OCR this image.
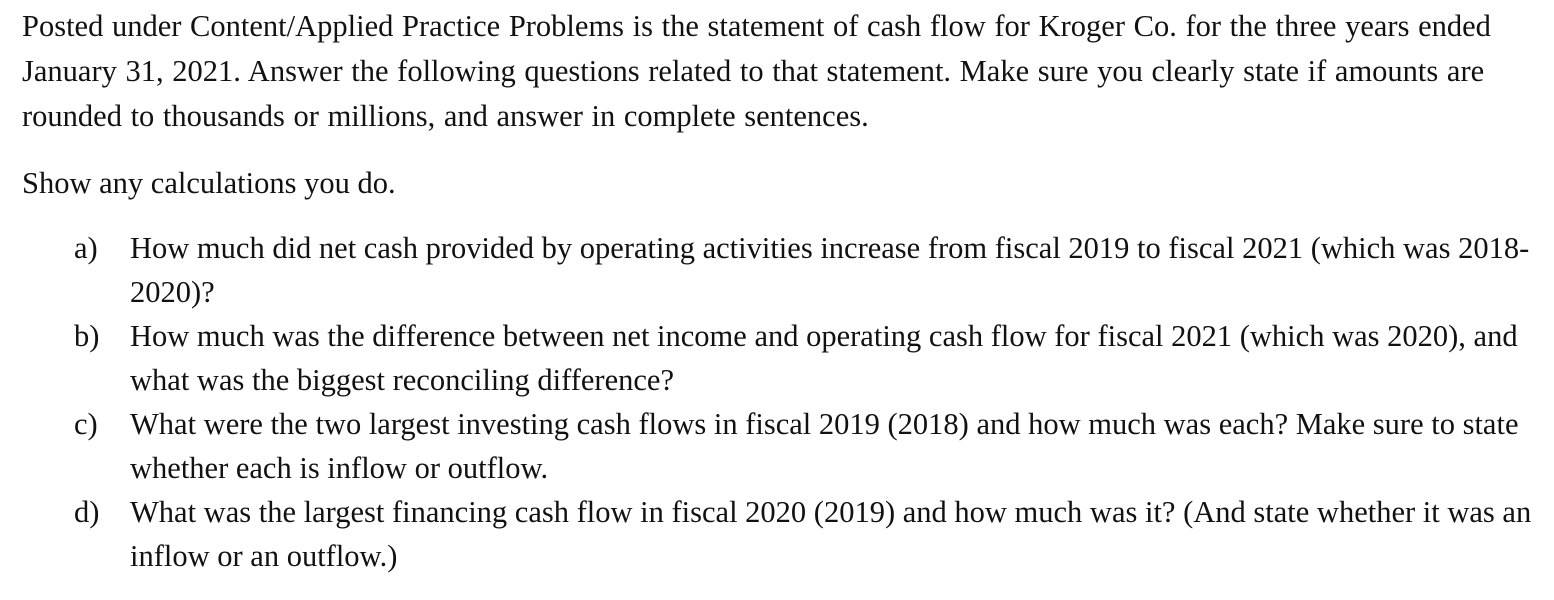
Posted under Content/Applied Practice Problems is the statement of cash flow for Kroger Co. for the three years ended January 31, 2021. Answer the following questions related to that statement. Make sure you clearly state if amounts are rounded to thousands or millions, and answer in complete sentences.

Show any calculations you do.

a) How much did net cash provided by operating activities increase from fiscal 2019 to fiscal 2021 (which was 2018-2020)?
b) How much was the difference between net income and operating cash flow for fiscal 2021 (which was 2020), and what was the biggest reconciling difference?
c) What were the two largest investing cash flows in fiscal 2019 (2018) and how much was each? Make sure to state whether each is inflow or outflow.
d) What was the largest financing cash flow in fiscal 2020 (2019) and how much was it? (And state whether it was an inflow or an outflow.)
